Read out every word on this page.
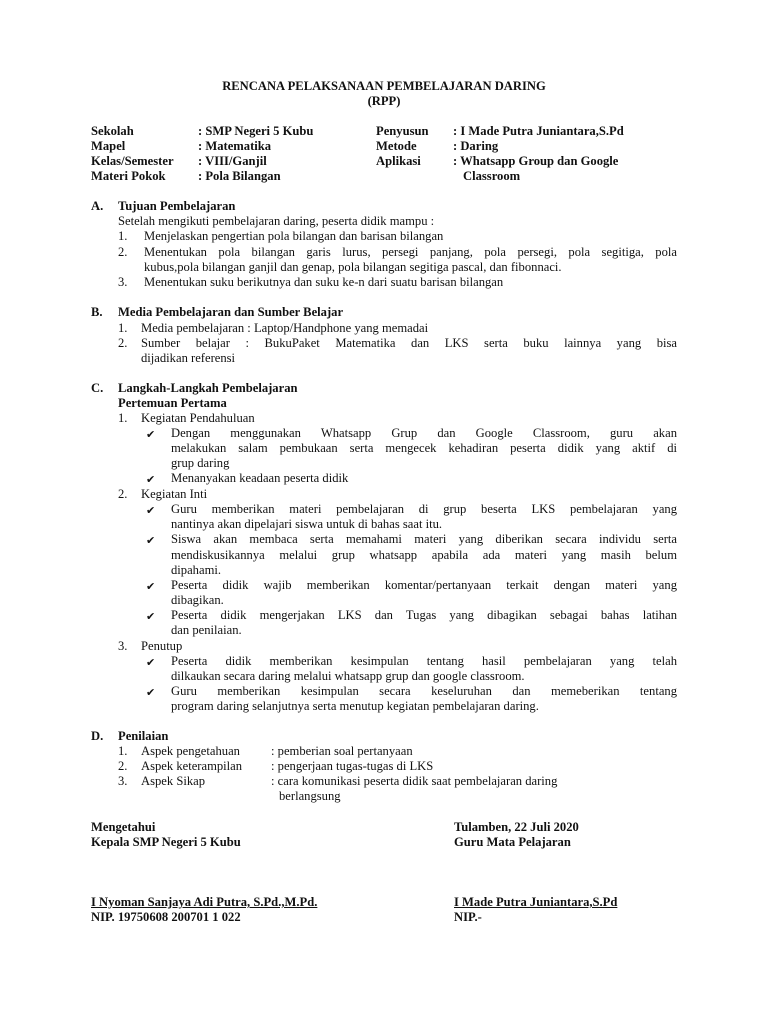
RENCANA PELAKSANAAN PEMBELAJARAN DARING
(RPP)
Sekolah	: SMP Negeri 5 Kubu
Mapel	: Matematika
Kelas/Semester : VIII/Ganjil
Materi Pokok	: Pola Bilangan
Penyusun : I Made Putra Juniantara,S.Pd
Metode	: Daring
Aplikasi	: Whatsapp Group dan Google
Classroom
A. Tujuan Pembelajaran
Setelah mengikuti pembelajaran daring, peserta didik mampu :
1. Menjelaskan pengertian pola bilangan dan barisan bilangan
2. Menentukan pola bilangan garis lurus, persegi panjang, pola persegi, pola segitiga, pola
kubus,pola bilangan ganjil dan genap, pola bilangan segitiga pascal, dan fibonnaci.
3. Menentukan suku berikutnya dan suku ke-n dari suatu barisan bilangan
B. Media Pembelajaran dan Sumber Belajar
1. Media pembelajaran : Laptop/Handphone yang memadai
2. Sumber belajar : BukuPaket Matematika dan LKS serta buku lainnya yang bisa
dijadikan referensi
C. Langkah-Langkah Pembelajaran
Pertemuan Pertama
1. Kegiatan Pendahuluan
✔ Dengan menggunakan Whatsapp Grup dan Google Classroom, guru akan
melakukan salam pembukaan serta mengecek kehadiran peserta didik yang aktif di
grup daring
✔ Menanyakan keadaan peserta didik
2. Kegiatan Inti
✔ Guru memberikan materi pembelajaran di grup beserta LKS pembelajaran yang
nantinya akan dipelajari siswa untuk di bahas saat itu.
✔ Siswa akan membaca serta memahami materi yang diberikan secara individu serta
mendiskusikannya melalui grup whatsapp apabila ada materi yang masih belum
dipahami.
✔ Peserta didik wajib memberikan komentar/pertanyaan terkait dengan materi yang
dibagikan.
✔ Peserta didik mengerjakan LKS dan Tugas yang dibagikan sebagai bahas latihan
dan penilaian.
3. Penutup
✔ Peserta didik memberikan kesimpulan tentang hasil pembelajaran yang telah
dilkaukan secara daring melalui whatsapp grup dan google classroom.
✔ Guru memberikan kesimpulan secara keseluruhan dan memeberikan tentang
program daring selanjutnya serta menutup kegiatan pembelajaran daring.
D. Penilaian
1. Aspek pengetahuan : pemberian soal pertanyaan
2. Aspek keterampilan : pengerjaan tugas-tugas di LKS
3. Aspek Sikap	: cara komunikasi peserta didik saat pembelajaran daring
berlangsung
Mengetahui
Kepala SMP Negeri 5 Kubu
I Nyoman Sanjaya Adi Putra, S.Pd.,M.Pd.
NIP. 19750608 200701 1 022
Tulamben, 22 Juli 2020
Guru Mata Pelajaran
I Made Putra Juniantara,S.Pd
NIP.-
